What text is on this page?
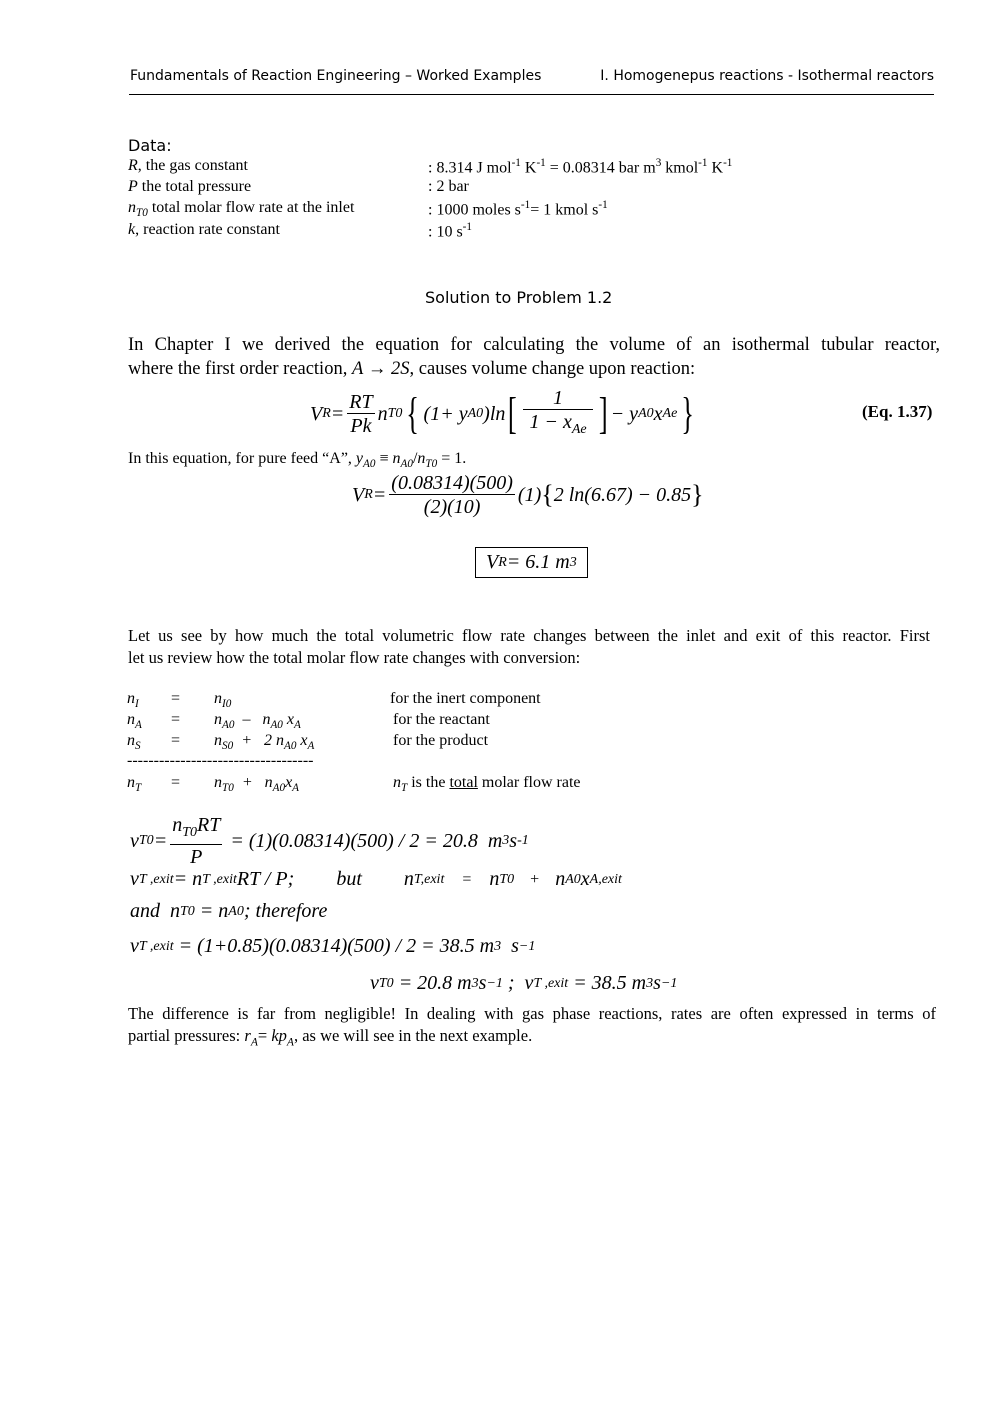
Fundamentals of Reaction Engineering – Worked Examples	I. Homogenepus reactions - Isothermal reactors
Data:
R, the gas constant	: 8.314 J mol$^{-1}$ $K^{-1} = 0.08314$ bar $m^3$ kmol$^{-1}$ $K^{-1}$
P the total pressure	: 2 bar
$n_{T0}$ total molar flow rate at the inlet	: 1000 moles $s^{-1}= 1$ kmol $s^{-1}$
k, reaction rate constant	: 10 $s^{-1}$
Solution to Problem 1.2
In Chapter I we derived the equation for calculating the volume of an isothermal tubular reactor,
where the first order reaction, A → 2S, causes volume change upon reaction:
V $R = \frac{RT}{Pk}$ n T0 { (1+ y A0 )ln [ $\frac{1}{1 - x_{Ae}}$ ] − y A0 x Ae }	(Eq. 1.37)
In this equation, for pure feed “A”, $y_{A0} \equiv n_{A0}/n_{T0} = 1$.
V $R = \frac{(0.08314)(500)}{(2)(10)} (1)$ { 2 ln(6.67) − 0.85 }
V R = 6.1 m 3
Let us see by how much the total volumetric flow rate changes between the inlet and exit of this reactor. First
let us review how the total molar flow rate changes with conversion:
$n_I = n_{I0}$	for the inert component
$n_A = n_{A0} - n_{A0}$ $x_A$	for the reactant
$n_S = n_{S0} + 2$ $n_{A0}$ $x_A$	for the product
-----------------------------------
$n_T = n_{T0} + n_{A0}x_A$	$n_T$ is the total molar flow rate
v $T0 = \frac{n_{T0}RT}{P} = (1)(0.08314)(500) / 2 = 20.8$  m 3 s -1
v T ,exit = n T ,exit RT / P; but n T,exit = n T0 + n A0 x A,exit
and  n T0 = n A0 ; therefore
v T ,exit = (1+0.85)(0.08314)(500) / 2 = 38.5 m 3 s −1
v T0 = 20.8 m 3 s −1 ;  v T ,exit = 38.5 m 3 s −1
The difference is far from negligible! In dealing with gas phase reactions, rates are often expressed in terms of
partial pressures: $r_A= kp_A$, as we will see in the next example.
